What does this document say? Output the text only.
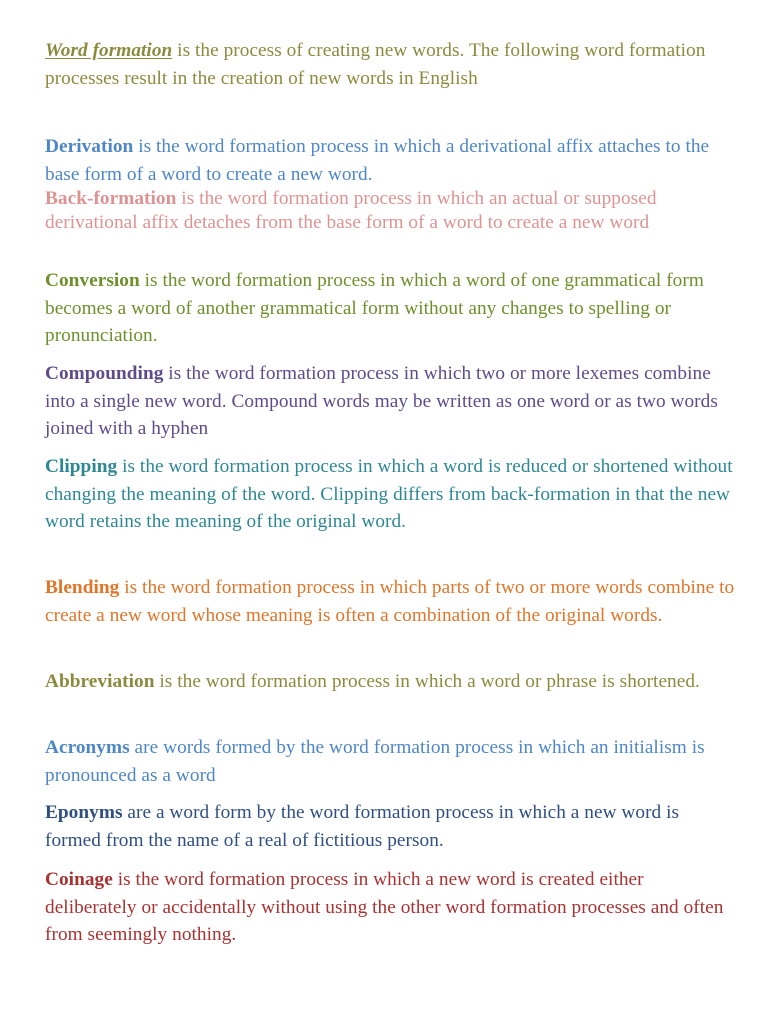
Word formation is the process of creating new words. The following word formation processes result in the creation of new words in English

Derivation is the word formation process in which a derivational affix attaches to the base form of a word to create a new word.

Back-formation is the word formation process in which an actual or supposed derivational affix detaches from the base form of a word to create a new word

Conversion is the word formation process in which a word of one grammatical form becomes a word of another grammatical form without any changes to spelling or pronunciation.

Compounding is the word formation process in which two or more lexemes combine into a single new word. Compound words may be written as one word or as two words joined with a hyphen

Clipping is the word formation process in which a word is reduced or shortened without changing the meaning of the word. Clipping differs from back-formation in that the new word retains the meaning of the original word.

Blending is the word formation process in which parts of two or more words combine to create a new word whose meaning is often a combination of the original words.

Abbreviation is the word formation process in which a word or phrase is shortened.

Acronyms are words formed by the word formation process in which an initialism is pronounced as a word

Eponyms are a word form by the word formation process in which a new word is formed from the name of a real of fictitious person.

Coinage is the word formation process in which a new word is created either deliberately or accidentally without using the other word formation processes and often from seemingly nothing.
